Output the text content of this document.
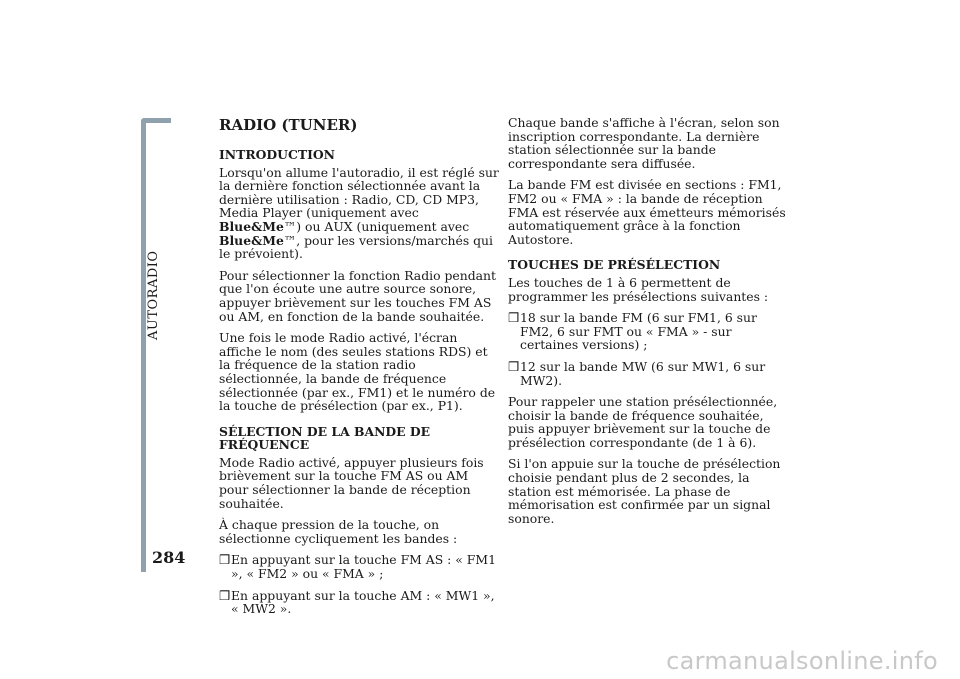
AUTORADIO
284
RADIO (TUNER)
INTRODUCTION

Lorsqu'on allume l'autoradio, il est réglé sur la dernière fonction sélectionnée avant la dernière utilisation : Radio, CD, CD MP3, Media Player (uniquement avec Blue&Me™) ou AUX (uniquement avec Blue&Me™, pour les versions/marchés qui le prévoient).

Pour sélectionner la fonction Radio pendant que l'on écoute une autre source sonore, appuyer brièvement sur les touches FM AS ou AM, en fonction de la bande souhaitée.

Une fois le mode Radio activé, l'écran affiche le nom (des seules stations RDS) et la fréquence de la station radio sélectionnée, la bande de fréquence sélectionnée (par ex., FM1) et le numéro de la touche de présélection (par ex., P1).

SÉLECTION DE LA BANDE DE FRÉQUENCE

Mode Radio activé, appuyer plusieurs fois brièvement sur la touche FM AS ou AM pour sélectionner la bande de réception souhaitée.

À chaque pression de la touche, on sélectionne cycliquement les bandes :

❒ En appuyant sur la touche FM AS : « FM1 », « FM2 » ou « FMA » ;
❒ En appuyant sur la touche AM : « MW1 », « MW2 ».

Chaque bande s'affiche à l'écran, selon son inscription correspondante. La dernière station sélectionnée sur la bande correspondante sera diffusée.

La bande FM est divisée en sections : FM1, FM2 ou « FMA » : la bande de réception FMA est réservée aux émetteurs mémorisés automatiquement grâce à la fonction Autostore.

TOUCHES DE PRÉSÉLECTION

Les touches de 1 à 6 permettent de programmer les présélections suivantes :

❒ 18 sur la bande FM (6 sur FM1, 6 sur FM2, 6 sur FMT ou « FMA » - sur certaines versions) ;
❒ 12 sur la bande MW (6 sur MW1, 6 sur MW2).

Pour rappeler une station présélectionnée, choisir la bande de fréquence souhaitée, puis appuyer brièvement sur la touche de présélection correspondante (de 1 à 6).

Si l'on appuie sur la touche de présélection choisie pendant plus de 2 secondes, la station est mémorisée. La phase de mémorisation est confirmée par un signal sonore.

carmanualsonline.info
